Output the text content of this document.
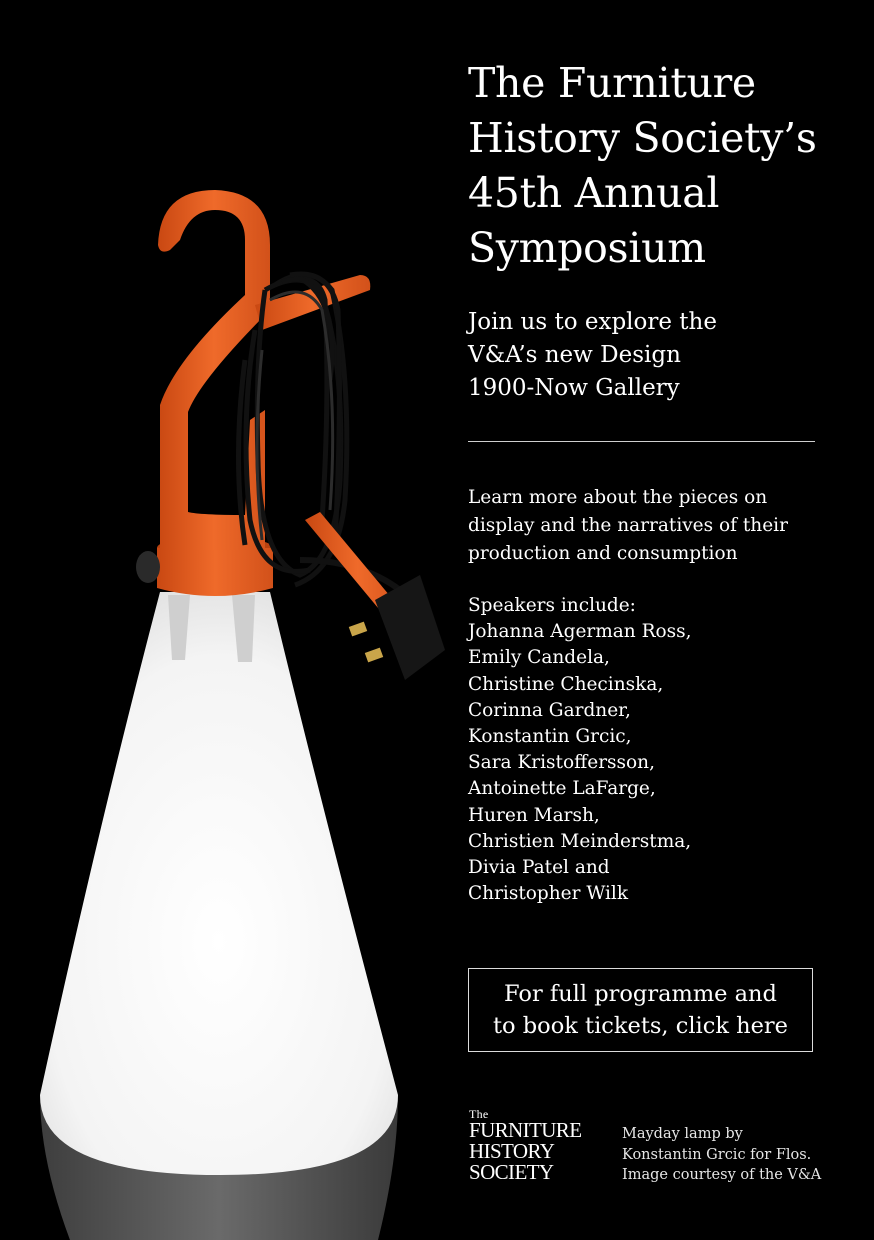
The Furniture
History Society’s
45th Annual
Symposium
Join us to explore the
V&A’s new Design
1900-Now Gallery
Learn more about the pieces on
display and the narratives of their
production and consumption
Speakers include:
Johanna Agerman Ross,
Emily Candela,
Christine Checinska,
Corinna Gardner,
Konstantin Grcic,
Sara Kristoffersson,
Antoinette LaFarge,
Huren Marsh,
Christien Meinderstma,
Divia Patel and
Christopher Wilk
For full programme and
to book tickets, click here
The
FURNITURE
HISTORY
SOCIETY
Mayday lamp by
Konstantin Grcic for Flos.
Image courtesy of the V&A
